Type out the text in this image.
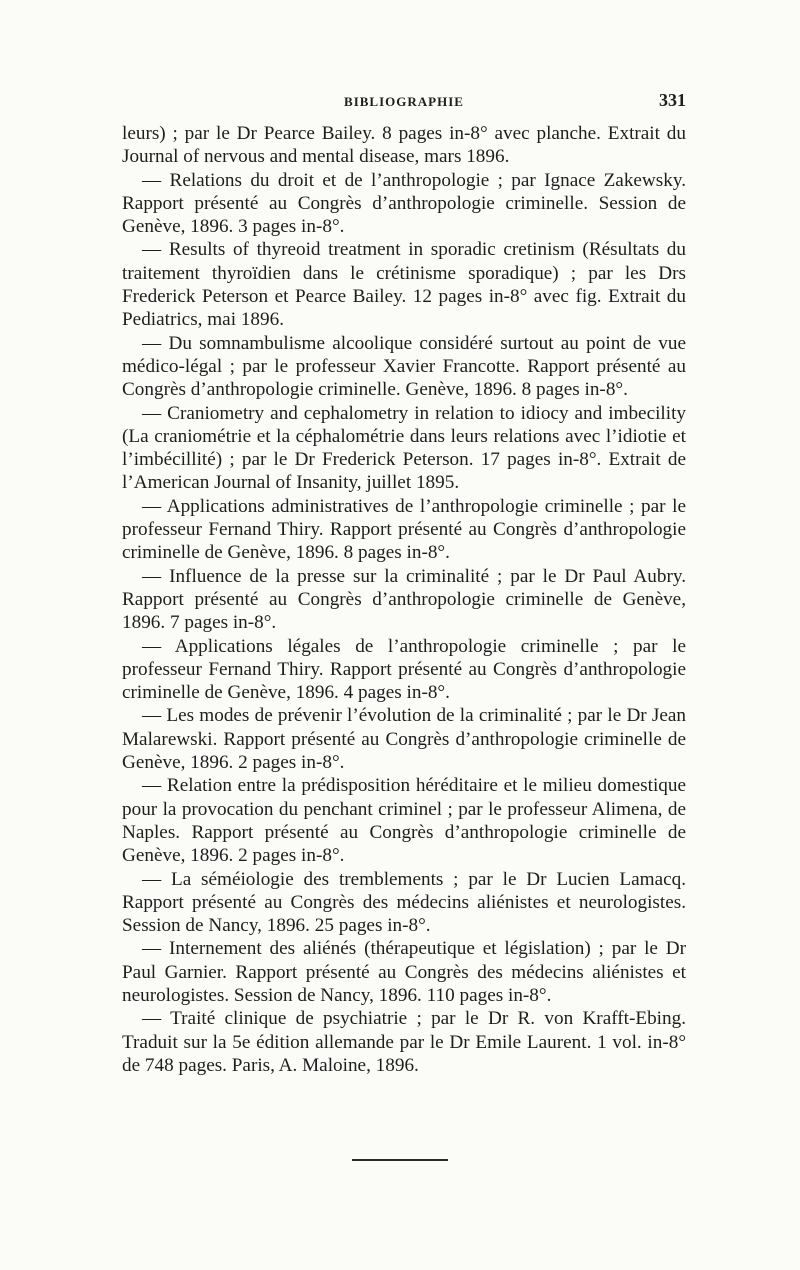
BIBLIOGRAPHIE	331

leurs) ; par le Dr Pearce Bailey. 8 pages in-8° avec planche. Extrait du Journal of nervous and mental disease, mars 1896.

— Relations du droit et de l’anthropologie ; par Ignace Zakewsky. Rapport présenté au Congrès d’anthropologie criminelle. Session de Genève, 1896. 3 pages in-8°.

— Results of thyreoid treatment in sporadic cretinism (Résultats du traitement thyroïdien dans le crétinisme sporadique) ; par les Drs Frederick Peterson et Pearce Bailey. 12 pages in-8° avec fig. Extrait du Pediatrics, mai 1896.

— Du somnambulisme alcoolique considéré surtout au point de vue médico-légal ; par le professeur Xavier Francotte. Rapport présenté au Congrès d’anthropologie criminelle. Genève, 1896. 8 pages in-8°.

— Craniometry and cephalometry in relation to idiocy and imbecility (La craniométrie et la céphalométrie dans leurs relations avec l’idiotie et l’imbécillité) ; par le Dr Frederick Peterson. 17 pages in-8°. Extrait de l’American Journal of Insanity, juillet 1895.

— Applications administratives de l’anthropologie criminelle ; par le professeur Fernand Thiry. Rapport présenté au Congrès d’anthropologie criminelle de Genève, 1896. 8 pages in-8°.

— Influence de la presse sur la criminalité ; par le Dr Paul Aubry. Rapport présenté au Congrès d’anthropologie criminelle de Genève, 1896. 7 pages in-8°.

— Applications légales de l’anthropologie criminelle ; par le professeur Fernand Thiry. Rapport présenté au Congrès d’anthropologie criminelle de Genève, 1896. 4 pages in-8°.

— Les modes de prévenir l’évolution de la criminalité ; par le Dr Jean Malarewski. Rapport présenté au Congrès d’anthropologie criminelle de Genève, 1896. 2 pages in-8°.

— Relation entre la prédisposition héréditaire et le milieu domestique pour la provocation du penchant criminel ; par le professeur Alimena, de Naples. Rapport présenté au Congrès d’anthropologie criminelle de Genève, 1896. 2 pages in-8°.

— La séméiologie des tremblements ; par le Dr Lucien Lamacq. Rapport présenté au Congrès des médecins aliénistes et neurologistes. Session de Nancy, 1896. 25 pages in-8°.

— Internement des aliénés (thérapeutique et législation) ; par le Dr Paul Garnier. Rapport présenté au Congrès des médecins aliénistes et neurologistes. Session de Nancy, 1896. 110 pages in-8°.

— Traité clinique de psychiatrie ; par le Dr R. von Krafft-Ebing. Traduit sur la 5e édition allemande par le Dr Emile Laurent. 1 vol. in-8° de 748 pages. Paris, A. Maloine, 1896.
